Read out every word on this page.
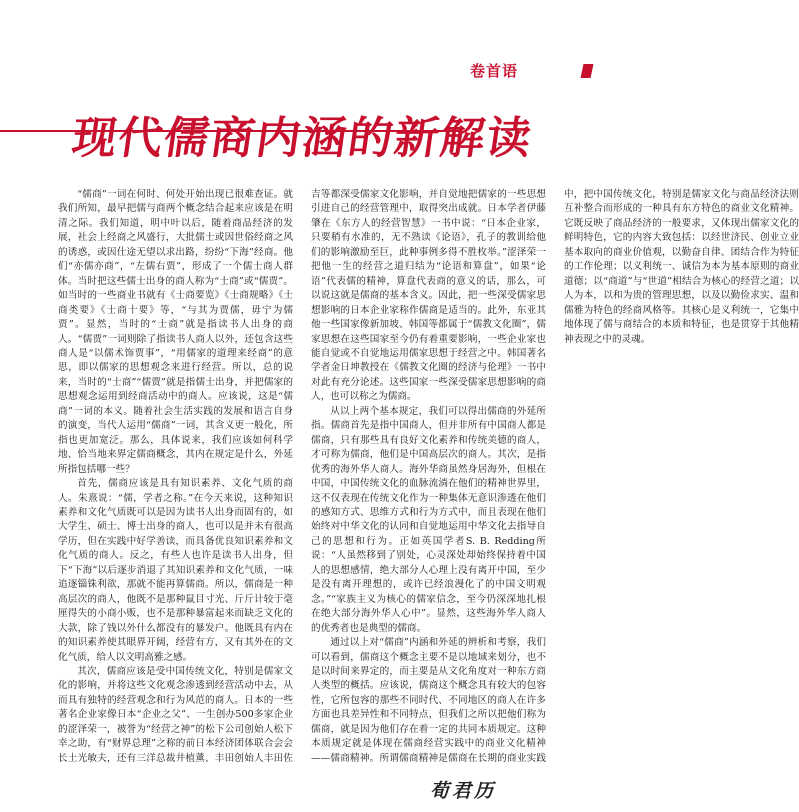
卷首语
现代儒商内涵的新解读

“儒商”一词在何时、何处开始出现已很难查证。就我们所知，最早把儒与商两个概念结合起来应该是在明清之际。我们知道，明中叶以后，随着商品经济的发展，社会上经商之风盛行，大批儒士或因世俗经商之风的诱惑，或因仕途无望以求出路，纷纷“下海”经商。他们“亦儒亦商”，“左儒右贾”，形成了一个儒士商人群体。当时把这些儒士出身的商人称为“士商”或“儒贾”。如当时的一些商业书就有《士商要览》《士商规略》《士商类要》《士商十要》等，“与其为贾儒，毋宁为儒贾”。显然，当时的“士商”就是指读书人出身的商人。“儒贾”一词则除了指读书人商人以外，还包含这些商人是“以儒术饰贾事”，“用儒家的道理来经商”的意思，即以儒家的思想观念来进行经营。所以，总的说来，当时的“士商”“儒贾”就是指儒士出身，并把儒家的思想观念运用到经商活动中的商人。应该说，这是“儒商”一词的本义。随着社会生活实践的发展和语言自身的演变，当代人运用“儒商”一词，其含义更一般化，所指也更加宽泛。那么，具体说来，我们应该如何科学地、恰当地来界定儒商概念，其内在规定是什么，外延所指包括哪一些？

首先，儒商应该是具有知识素养、文化气质的商人。朱熹说：“儒，学者之称。”在今天来说，这种知识素养和文化气质既可以是因为读书人出身而固有的，如大学生、硕士、博士出身的商人，也可以是并未有很高学历，但在实践中好学善读，而具备优良知识素养和文化气质的商人。反之，有些人也许是读书人出身，但下“下海”以后逐步消退了其知识素养和文化气质，一味追逐锱铢利欲，那就不能再算儒商。所以，儒商是一种高层次的商人，他既不是那种鼠目寸光、斤斤计较于毫厘得失的小商小贩，也不是那种暴富起来而缺乏文化的大款，除了钱以外什么都没有的暴发户。他既具有内在的知识素养使其眼界开阔，经营有方，又有其外在的文化气质，给人以文明高雅之感。

其次，儒商应该是受中国传统文化，特别是儒家文化的影响，并将这些文化观念渗透到经营活动中去，从而具有独特的经营观念和行为风范的商人。日本的一些著名企业家像日本“企业之父”、一生创办500多家企业的涩泽荣一，被誉为“经营之神”的松下公司创始人松下幸之助，有“财界总理”之称的前日本经济团体联合会会长土光敏夫，还有三洋总裁井植薰、丰田创始人丰田佐吉等都深受儒家文化影响，并自觉地把儒家的一些思想引进自己的经营管理中，取得突出成就。日本学者伊藤肇在《东方人的经营智慧》一书中说：“日本企业家，只要稍有水准的，无不熟读《论语》，孔子的教训给他们的影响激励至巨，此种事例多得不胜枚举。”涩泽荣一把他一生的经营之道归结为“论语和算盘”，如果“论语”代表儒的精神，算盘代表商的意义的话，那么，可以说这就是儒商的基本含义。因此，把一些深受儒家思想影响的日本企业家称作儒商是适当的。此外，东亚其他一些国家像新加坡、韩国等都属于“儒教文化圈”，儒家思想在这些国家至今仍有着重要影响，一些企业家也能自觉或不自觉地运用儒家思想于经营之中。韩国著名学者金日坤教授在《儒教文化圈的经济与伦理》一书中对此有充分论述。这些国家一些深受儒家思想影响的商人，也可以称之为儒商。

从以上两个基本规定，我们可以得出儒商的外延所指。儒商首先是指中国商人，但并非所有中国商人都是儒商，只有那些具有良好文化素养和传统美德的商人，才可称为儒商，他们是中国高层次的商人。其次，是指优秀的海外华人商人。海外华商虽然身居海外，但根在中国，中国传统文化的血脉流淌在他们的精神世界里，这不仅表现在传统文化作为一种集体无意识渗透在他们的感知方式、思维方式和行为方式中，而且表现在他们始终对中华文化的认同和自觉地运用中华文化去指导自己的思想和行为。正如英国学者S. B. Redding所说：“人虽然移到了别处，心灵深处却始终保持着中国人的思想感情，绝大部分人心理上没有离开中国，至少是没有离开理想的，或许已经浪漫化了的中国文明观念。”“家族主义为核心的儒家信念，至今仍深深地扎根在绝大部分海外华人心中”。显然，这些海外华人商人的优秀者也是典型的儒商。

通过以上对“儒商”内涵和外延的辨析和考察，我们可以看到，儒商这个概念主要不是以地域来划分，也不是以时间来界定的，而主要是从文化角度对一种东方商人类型的概括。应该说，儒商这个概念具有较大的包容性，它所包容的那些不同时代、不同地区的商人在许多方面也具差异性和不同特点，但我们之所以把他们称为儒商，就是因为他们存在着一定的共同本质规定。这种本质规定就是体现在儒商经营实践中的商业文化精神——儒商精神。所谓儒商精神是儒商在长期的商业实践中，把中国传统文化，特别是儒家文化与商品经济法则互补整合而形成的一种具有东方特色的商业文化精神。它既反映了商品经济的一般要求，又体现出儒家文化的鲜明特色，它的内容大致包括：以经世济民、创业立业基本取向的商业价值观，以勤奋自律、团结合作为特征的工作伦理；以义利统一、诚信为本为基本原则的商业道德；以“商道”与“世道”相结合为核心的经营之道；以人为本，以和为贵的管理思想，以及以勤俭求实、温和儒雅为特色的经商风格等。其核心是义利统一，它集中地体现了儒与商结合的本质和特征，也是贯穿于其他精神表现之中的灵魂。

荀君历
